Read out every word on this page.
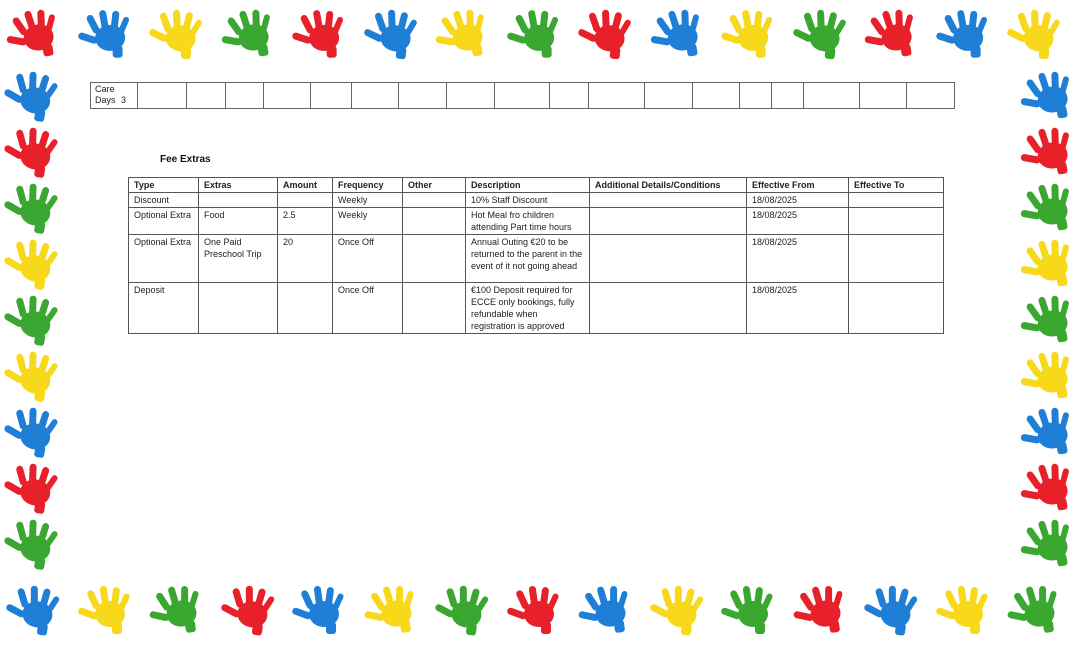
Care Days 3																		
Fee Extras
Type	Extras	Amount	Frequency	Other	Description	Additional Details/Conditions	Effective From	Effective To
Discount			Weekly		10% Staff Discount		18/08/2025	
Optional Extra	Food	2.5	Weekly		Hot Meal fro children attending Part time hours		18/08/2025	
Optional Extra	One Paid Preschool Trip	20	Once Off		Annual Outing €20 to be returned to the parent in the event of it not going ahead		18/08/2025	
Deposit			Once Off		€100 Deposit required for ECCE only bookings, fully refundable when registration is approved		18/08/2025	
